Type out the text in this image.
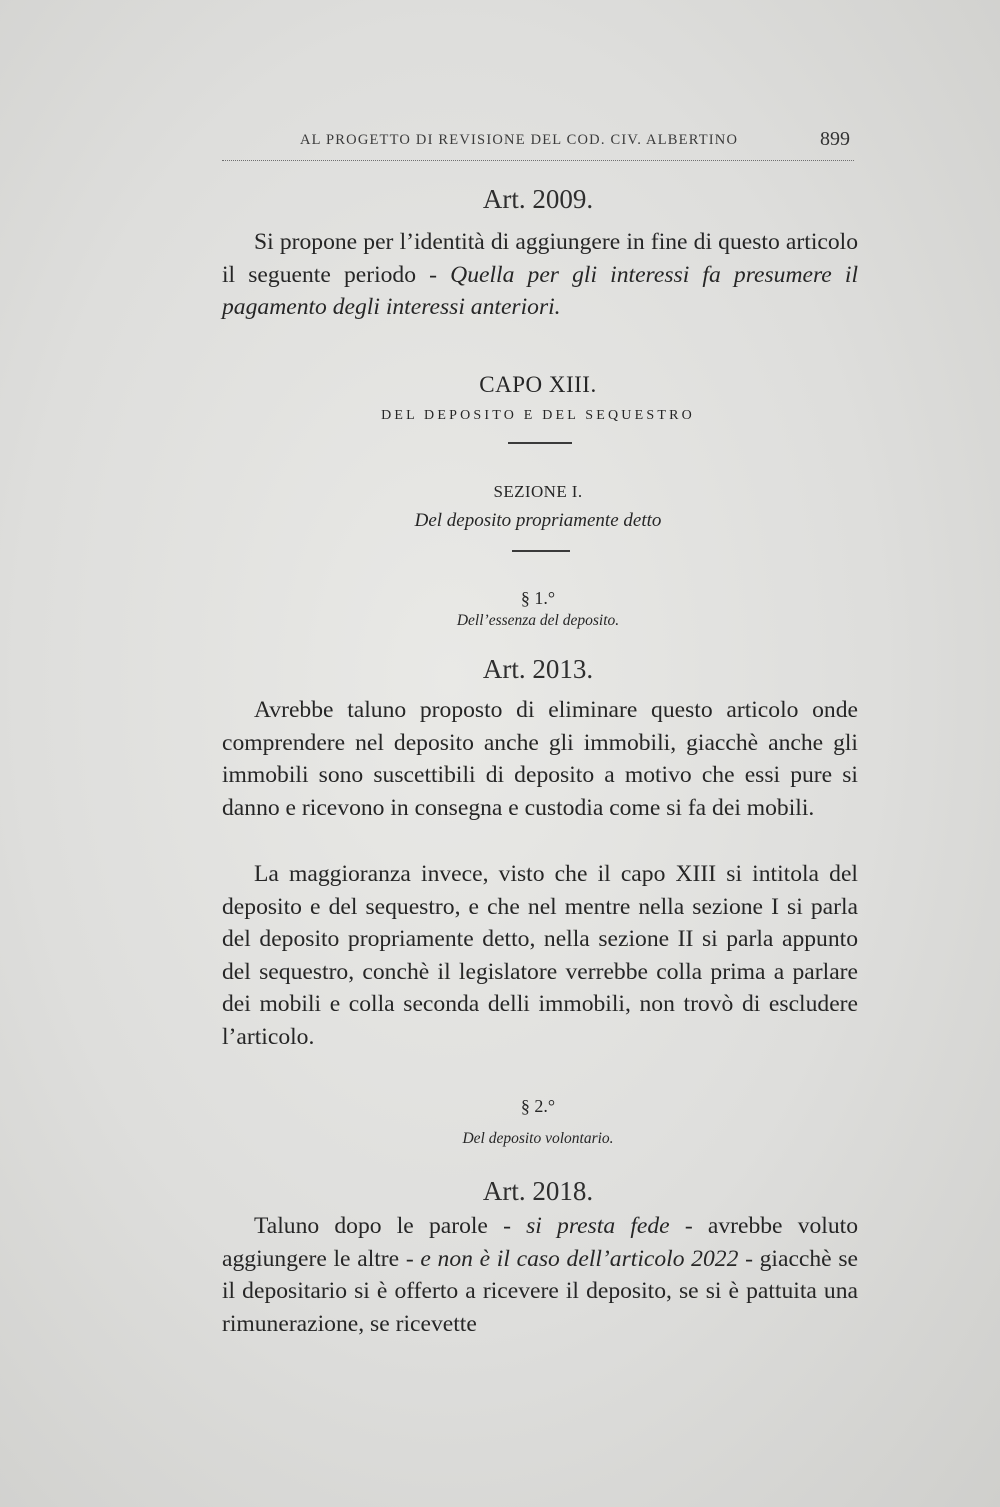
AL PROGETTO DI REVISIONE DEL COD. CIV. ALBERTINO	899
Art. 2009.

Si propone per l’identità di aggiungere in fine di questo articolo il seguente periodo - Quella per gli interessi fa presumere il pagamento degli interessi anteriori.

CAPO XIII.
DEL DEPOSITO E DEL SEQUESTRO
SEZIONE I.
Del deposito propriamente detto
§ 1.°
Dell’essenza del deposito.
Art. 2013.

Avrebbe taluno proposto di eliminare questo articolo onde comprendere nel deposito anche gli immobili, giacchè anche gli immobili sono suscettibili di deposito a motivo che essi pure si danno e ricevono in consegna e custodia come si fa dei mobili.

La maggioranza invece, visto che il capo XIII si intitola del deposito e del sequestro, e che nel mentre nella sezione I si parla del deposito propriamente detto, nella sezione II si parla appunto del sequestro, conchè il legislatore verrebbe colla prima a parlare dei mobili e colla seconda delli immobili, non trovò di escludere l’articolo.

§ 2.°
Del deposito volontario.
Art. 2018.

Taluno dopo le parole - si presta fede - avrebbe voluto aggiungere le altre - e non è il caso dell’articolo 2022 - giacchè se il depositario si è offerto a ricevere il deposito, se si è pattuita una rimunerazione, se ricevette
